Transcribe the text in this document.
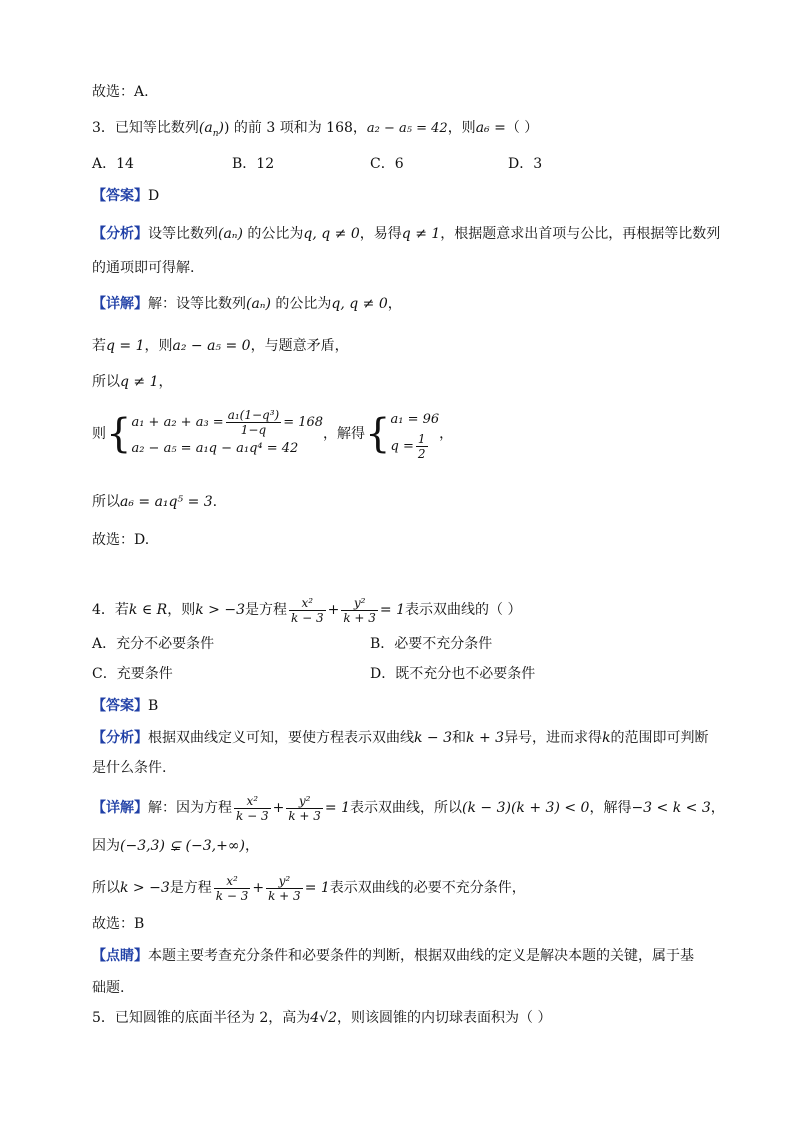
故选：A.
3．已知等比数列$(a_n)$) 的前 3 项和为 168，a₂ − a₅ = 42，则a₆ =（ ）
A．14	B．12	C．6	D．3
【答案】D
【分析】设等比数列(aₙ) 的公比为q, q ≠ 0，易得q ≠ 1，根据题意求出首项与公比，再根据等比数列
的通项即可得解.
【详解】解：设等比数列(aₙ) 的公比为q, q ≠ 0，
若q = 1，则a₂ − a₅ = 0，与题意矛盾，
所以q ≠ 1，
则{ $a_1 + a_2 + a_3 = \frac{\text{a₁(1−q³)}}{1-q} = 168$
a₂ − a₅ = a₁q − a₁q⁴ = 42
，解得{ a₁ = 96
$q = \frac{1}{2}$ ，
所以a₆ = a₁q⁵ = 3.
故选：D.
4．若k ∈ R，则k > −3是方程 $\frac{\text{x²}}{k - 3} + \frac{\text{y²}}{k + 3} = 1$表示双曲线的（ ）
A．充分不必要条件	B．必要不充分条件
C．充要条件	D．既不充分也不必要条件
【答案】B
【分析】根据双曲线定义可知，要使方程表示双曲线k − 3和k + 3异号，进而求得k的范围即可判断
是什么条件.
【详解】解：因为方程 $\frac{\text{x²}}{k - 3} + \frac{\text{y²}}{k + 3} = 1$表示双曲线，所以(k − 3)(k + 3) < 0，解得−3 < k < 3，
因为(−3,3) ⊊ (−3,+∞)，
所以k > −3是方程 $\frac{\text{x²}}{k - 3} + \frac{\text{y²}}{k + 3} = 1$表示双曲线的必要不充分条件，
故选：B
【点睛】本题主要考查充分条件和必要条件的判断，根据双曲线的定义是解决本题的关键，属于基
础题.
5．已知圆锥的底面半径为 2，高为4√2，则该圆锥的内切球表面积为（ ）
